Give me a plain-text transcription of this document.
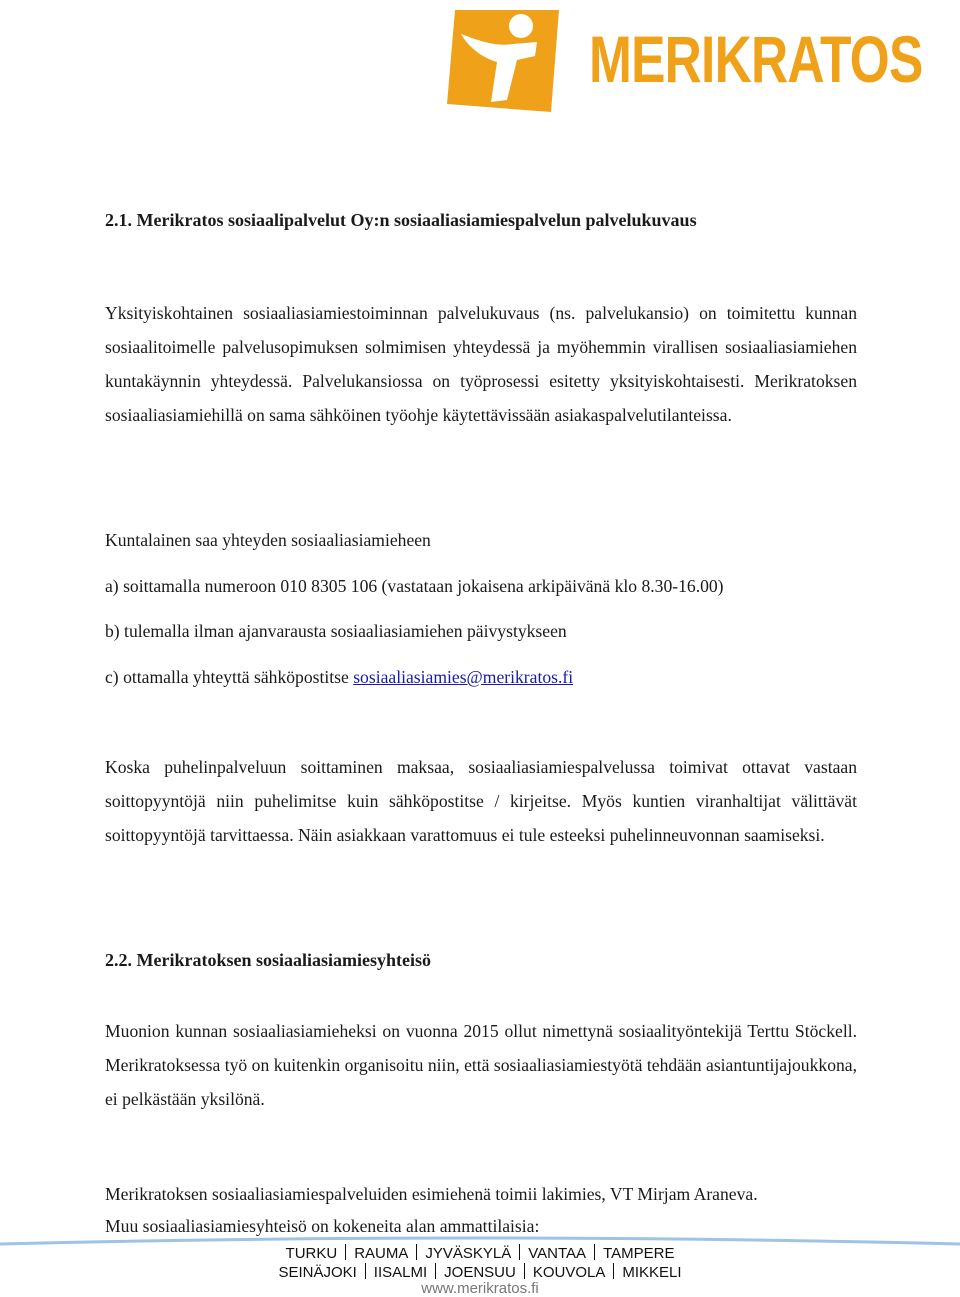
MERIKRATOS
2.1. Merikratos sosiaalipalvelut Oy:n sosiaaliasiamiespalvelun palvelukuvaus

Yksityiskohtainen sosiaaliasiamiestoiminnan palvelukuvaus (ns. palvelukansio) on toimitettu kunnan sosiaalitoimelle palvelusopimuksen solmimisen yhteydessä ja myöhemmin virallisen sosiaaliasiamiehen kuntakäynnin yhteydessä. Palvelukansiossa on työprosessi esitetty yksityiskohtaisesti. Merikratoksen sosiaaliasiamiehillä on sama sähköinen työohje käytettävissään asiakaspalvelutilanteissa.

Kuntalainen saa yhteyden sosiaaliasiamieheen

a) soittamalla numeroon 010 8305 106 (vastataan jokaisena arkipäivänä klo 8.30-16.00)

b) tulemalla ilman ajanvarausta sosiaaliasiamiehen päivystykseen

c) ottamalla yhteyttä sähköpostitse sosiaaliasiamies@merikratos.fi

Koska puhelinpalveluun soittaminen maksaa, sosiaaliasiamiespalvelussa toimivat ottavat vastaan soittopyyntöjä niin puhelimitse kuin sähköpostitse / kirjeitse. Myös kuntien viranhaltijat välittävät soittopyyntöjä tarvittaessa. Näin asiakkaan varattomuus ei tule esteeksi puhelinneuvonnan saamiseksi.

2.2. Merikratoksen sosiaaliasiamiesyhteisö

Muonion kunnan sosiaaliasiamieheksi on vuonna 2015 ollut nimettynä sosiaalityöntekijä Terttu Stöckell. Merikratoksessa työ on kuitenkin organisoitu niin, että sosiaaliasiamiestyötä tehdään asiantuntijajoukkona, ei pelkästään yksilönä.

Merikratoksen sosiaaliasiamiespalveluiden esimiehenä toimii lakimies, VT Mirjam Araneva.

Muu sosiaaliasiamiesyhteisö on kokeneita alan ammattilaisia:

TURKU RAUMA JYVÄSKYLÄ VANTAA TAMPERE
SEINÄJOKI IISALMI JOENSUU KOUVOLA MIKKELI
www.merikratos.fi
